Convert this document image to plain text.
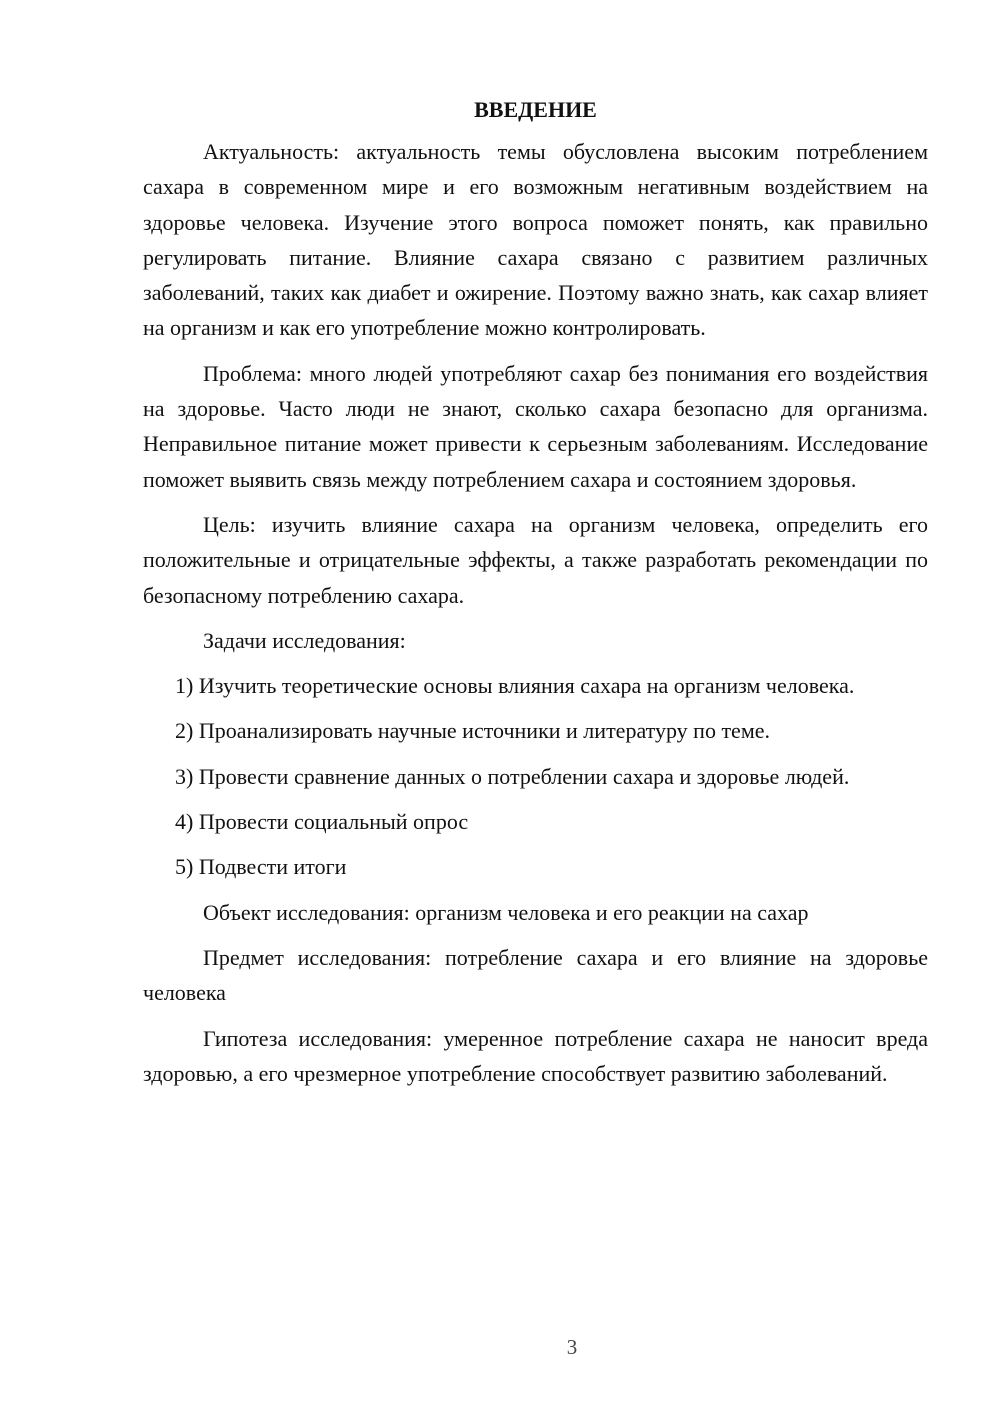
ВВЕДЕНИЕ

Актуальность: актуальность темы обусловлена высоким потреблением сахара в современном мире и его возможным негативным воздействием на здоровье человека. Изучение этого вопроса поможет понять, как правильно регулировать питание. Влияние сахара связано с развитием различных заболеваний, таких как диабет и ожирение. Поэтому важно знать, как сахар влияет на организм и как его употребление можно контролировать.

Проблема: много людей употребляют сахар без понимания его воздействия на здоровье. Часто люди не знают, сколько сахара безопасно для организма. Неправильное питание может привести к серьезным заболеваниям. Исследование поможет выявить связь между потреблением сахара и состоянием здоровья.

Цель: изучить влияние сахара на организм человека, определить его положительные и отрицательные эффекты, а также разработать рекомендации по безопасному потреблению сахара.

Задачи исследования:

1) Изучить теоретические основы влияния сахара на организм человека.

2) Проанализировать научные источники и литературу по теме.

3) Провести сравнение данных о потреблении сахара и здоровье людей.

4) Провести социальный опрос

5) Подвести итоги

Объект исследования: организм человека и его реакции на сахар

Предмет исследования: потребление сахара и его влияние на здоровье человека

Гипотеза исследования: умеренное потребление сахара не наносит вреда здоровью, а его чрезмерное употребление способствует развитию заболеваний.

3
